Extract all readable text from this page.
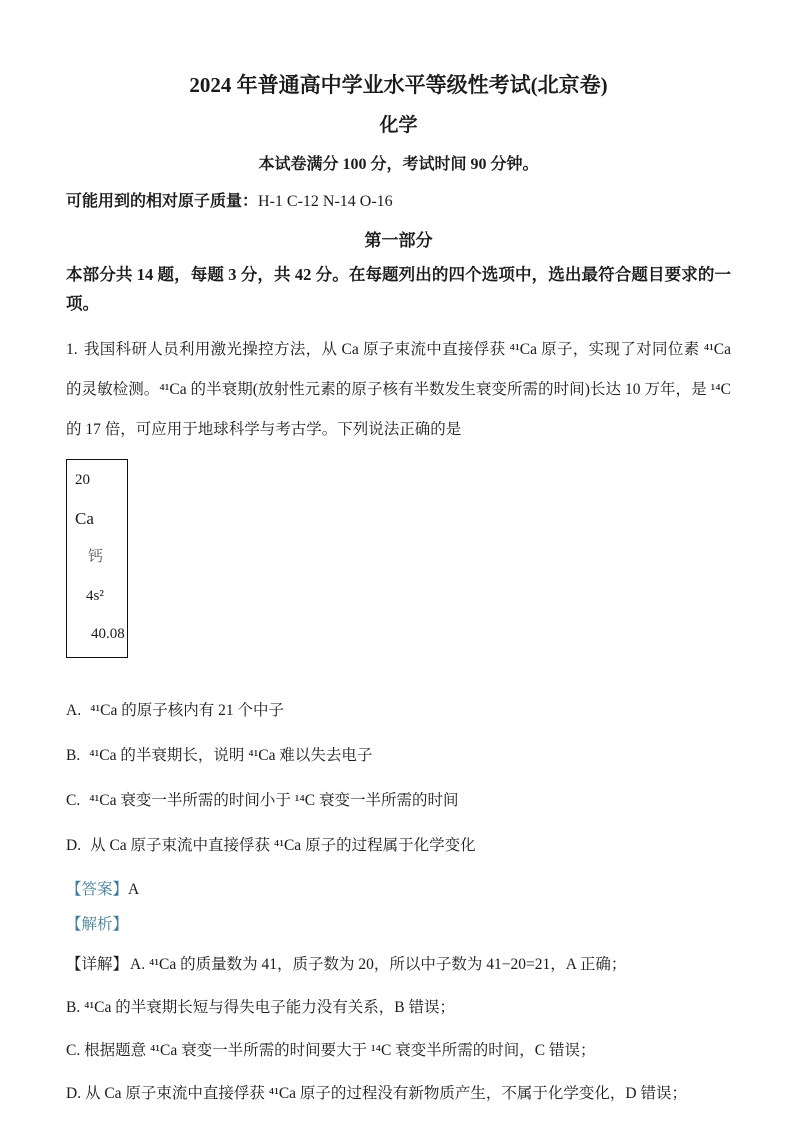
2024 年普通高中学业水平等级性考试(北京卷)
化学
本试卷满分 100 分，考试时间 90 分钟。
可能用到的相对原子质量：H-1 C-12 N-14 O-16
第一部分
本部分共 14 题，每题 3 分，共 42 分。在每题列出的四个选项中，选出最符合题目要求的一项。
1. 我国科研人员利用激光操控方法，从 Ca 原子束流中直接俘获 ⁴¹Ca 原子，实现了对同位素 ⁴¹Ca 的灵敏检测。⁴¹Ca 的半衰期(放射性元素的原子核有半数发生衰变所需的时间)长达 10 万年，是 ¹⁴C 的 17 倍，可应用于地球科学与考古学。下列说法正确的是
20
Ca
钙
4s²
40.08
A. ⁴¹Ca 的原子核内有 21 个中子
B. ⁴¹Ca 的半衰期长，说明 ⁴¹Ca 难以失去电子
C. ⁴¹Ca 衰变一半所需的时间小于 ¹⁴C 衰变一半所需的时间
D. 从 Ca 原子束流中直接俘获 ⁴¹Ca 原子的过程属于化学变化
【答案】A
【解析】
【详解】 A. ⁴¹Ca 的质量数为 41，质子数为 20，所以中子数为 41−20=21，A 正确；
B. ⁴¹Ca 的半衰期长短与得失电子能力没有关系，B 错误；
C. 根据题意 ⁴¹Ca 衰变一半所需的时间要大于 ¹⁴C 衰变半所需的时间，C 错误；
D. 从 Ca 原子束流中直接俘获 ⁴¹Ca 原子的过程没有新物质产生，不属于化学变化，D 错误；
